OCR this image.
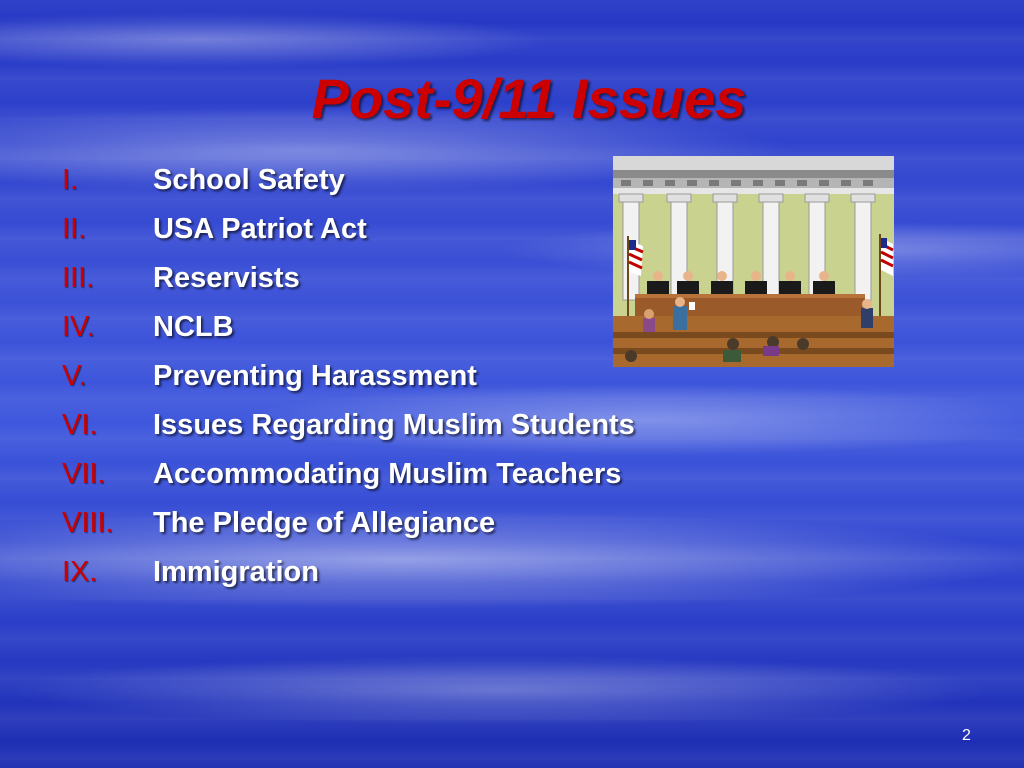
Post-9/11 Issues
I.	School Safety
II. USA Patriot Act
III. Reservists
IV. NCLB
V. Preventing Harassment
VI. Issues Regarding Muslim Students
VII. Accommodating Muslim Teachers
VIII. The Pledge of Allegiance
IX. Immigration
2
